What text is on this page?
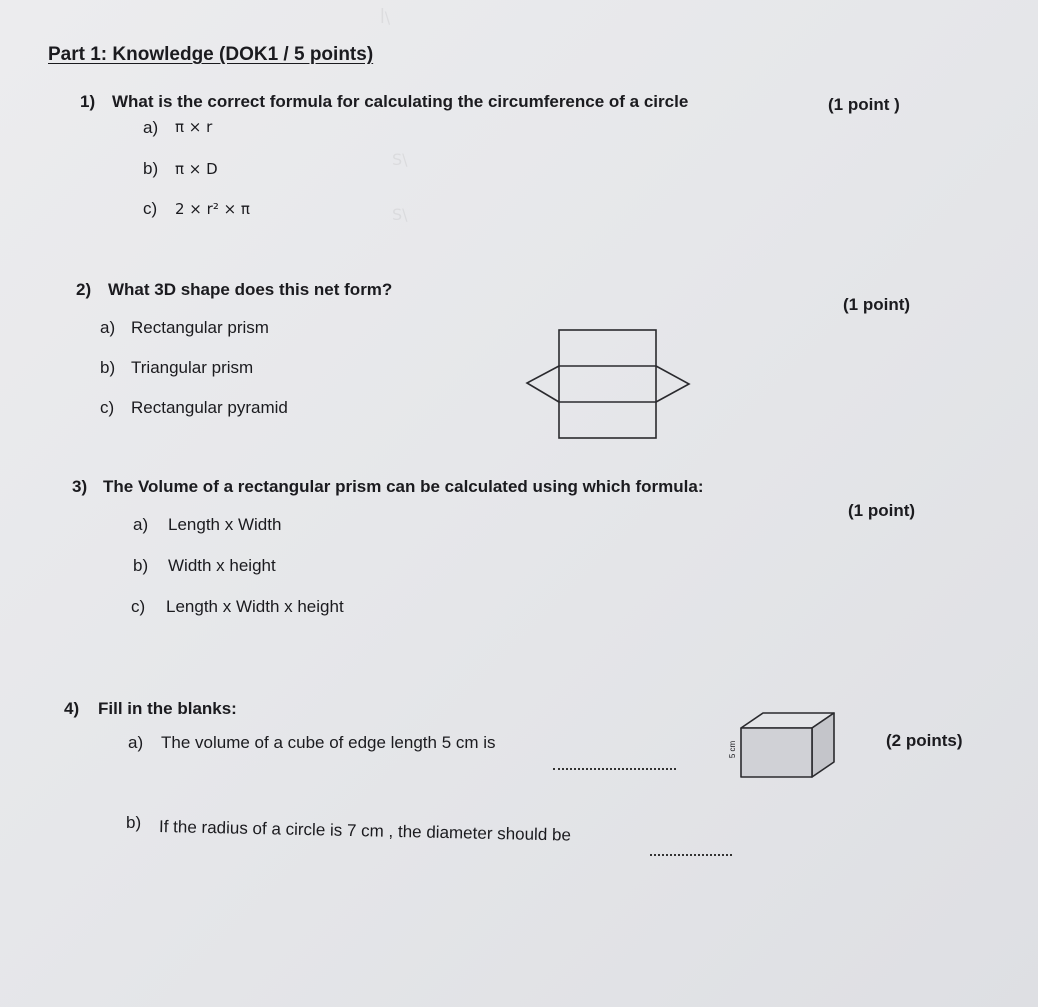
ꟾ\
S\
S\
Part 1: Knowledge (DOK1 / 5 points)
1) What is the correct formula for calculating the circumference of a circle	(1 point )
a) π × r
b) π × D
c) 2 × r² × π
2) What 3D shape does this net form?
(1 point)
a) Rectangular prism
b) Triangular prism
c) Rectangular pyramid
3) The Volume of a rectangular prism can be calculated using which formula:
(1 point)
a) Length x Width
b) Width x height
c) Length x Width x height
4) Fill in the blanks:
(2 points)
a) The volume of a cube of edge length 5 cm is	5 cm
b) If the radius of a circle is 7 cm , the diameter should be
